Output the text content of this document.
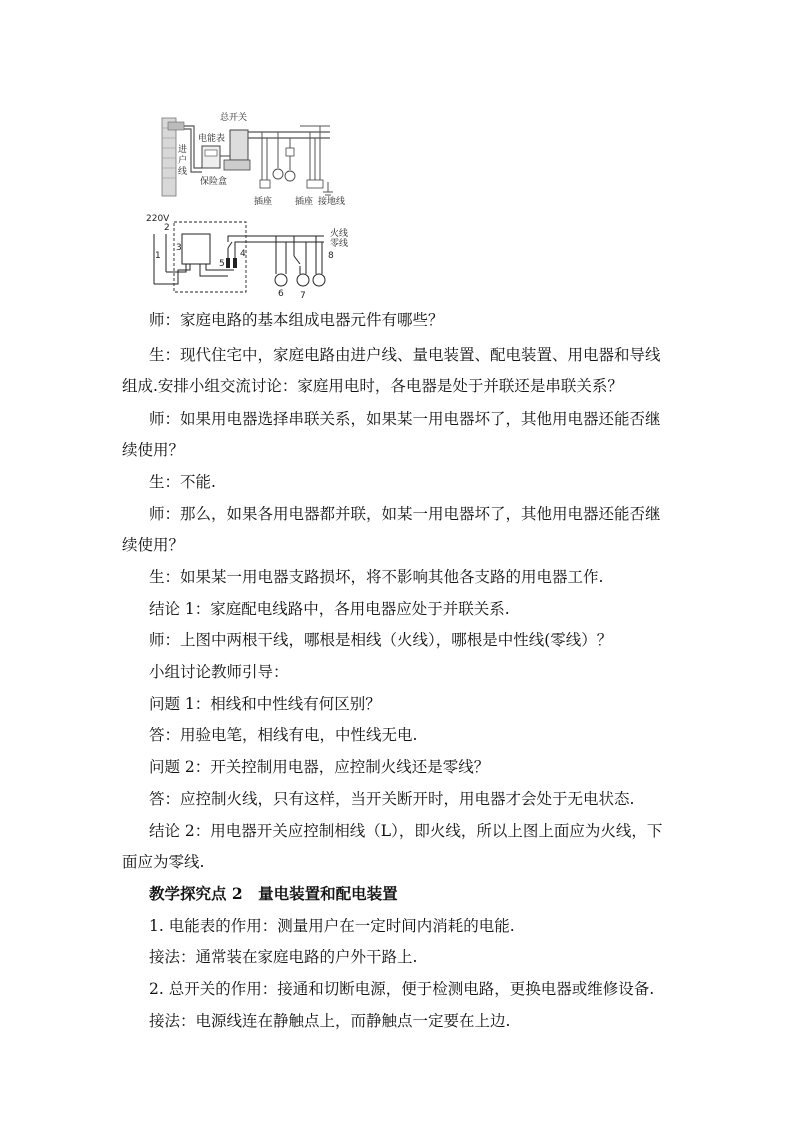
总开关
电能表
进
户
线
保险盒
插座	插座 接地线
220V
火线
零线
1
2
3
4
5
6 7
8
师：家庭电路的基本组成电器元件有哪些？
生：现代住宅中，家庭电路由进户线、量电装置、配电装置、用电器和导线
组成.安排小组交流讨论：家庭用电时，各电器是处于并联还是串联关系？
师：如果用电器选择串联关系，如果某一用电器坏了，其他用电器还能否继
续使用？
生：不能.
师：那么，如果各用电器都并联，如某一用电器坏了，其他用电器还能否继
续使用？
生：如果某一用电器支路损坏，将不影响其他各支路的用电器工作.
结论 1：家庭配电线路中，各用电器应处于并联关系.
师：上图中两根干线，哪根是相线（火线），哪根是中性线(零线）？
小组讨论教师引导：
问题 1：相线和中性线有何区别？
答：用验电笔，相线有电，中性线无电.
问题 2：开关控制用电器，应控制火线还是零线？
答：应控制火线，只有这样，当开关断开时，用电器才会处于无电状态.
结论 2：用电器开关应控制相线（L），即火线，所以上图上面应为火线，下
面应为零线.
教学探究点 2　量电装置和配电装置
1. 电能表的作用：测量用户在一定时间内消耗的电能.
接法：通常装在家庭电路的户外干路上.
2. 总开关的作用：接通和切断电源，便于检测电路，更换电器或维修设备.
接法：电源线连在静触点上，而静触点一定要在上边.
